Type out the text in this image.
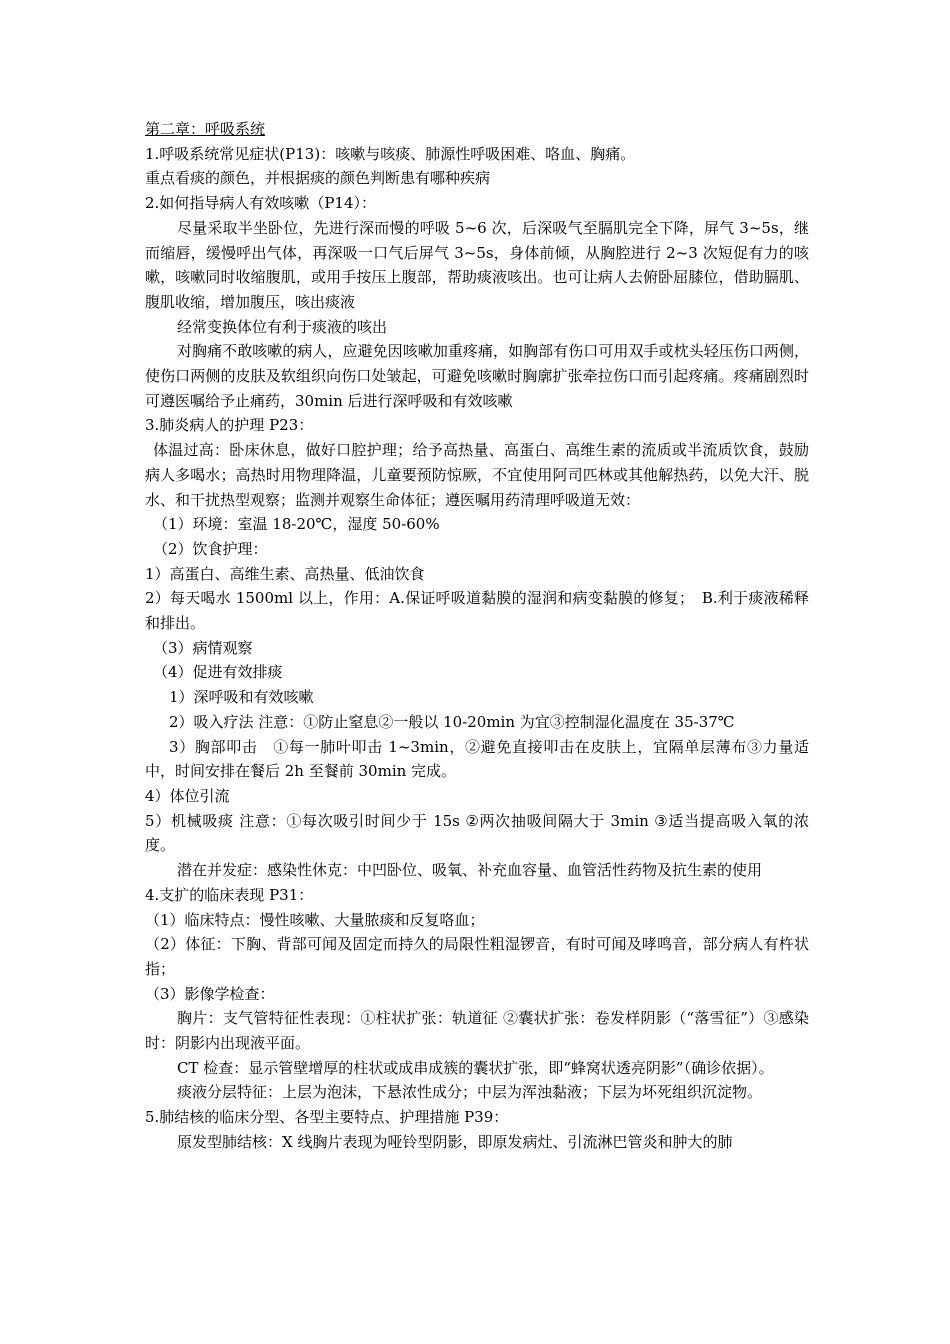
第二章：呼吸系统

1.呼吸系统常见症状(P13)：咳嗽与咳痰、肺源性呼吸困难、咯血、胸痛。

重点看痰的颜色，并根据痰的颜色判断患有哪种疾病

2.如何指导病人有效咳嗽（P14）：

尽量采取半坐卧位，先进行深而慢的呼吸 5~6 次，后深吸气至膈肌完全下降，屏气 3~5s，继而缩唇，缓慢呼出气体，再深吸一口气后屏气 3~5s，身体前倾，从胸腔进行 2~3 次短促有力的咳嗽，咳嗽同时收缩腹肌，或用手按压上腹部，帮助痰液咳出。也可让病人去俯卧屈膝位，借助膈肌、腹肌收缩，增加腹压，咳出痰液

经常变换体位有利于痰液的咳出

对胸痛不敢咳嗽的病人，应避免因咳嗽加重疼痛，如胸部有伤口可用双手或枕头轻压伤口两侧，使伤口两侧的皮肤及软组织向伤口处皱起，可避免咳嗽时胸廓扩张牵拉伤口而引起疼痛。疼痛剧烈时可遵医嘱给予止痛药，30min 后进行深呼吸和有效咳嗽

3.肺炎病人的护理 P23：

体温过高：卧床休息，做好口腔护理；给予高热量、高蛋白、高维生素的流质或半流质饮食，鼓励病人多喝水；高热时用物理降温，儿童要预防惊厥，不宜使用阿司匹林或其他解热药，以免大汗、脱水、和干扰热型观察；监测并观察生命体征；遵医嘱用药清理呼吸道无效：

（1）环境：室温 18-20℃，湿度 50-60%

（2）饮食护理：

1）高蛋白、高维生素、高热量、低油饮食

2）每天喝水 1500ml 以上，作用：A.保证呼吸道黏膜的湿润和病变黏膜的修复；　B.利于痰液稀释和排出。

（3）病情观察

（4）促进有效排痰

1）深呼吸和有效咳嗽

2）吸入疗法 注意：①防止窒息②一般以 10-20min 为宜③控制湿化温度在 35-37℃

3）胸部叩击　①每一肺叶叩击 1~3min，②避免直接叩击在皮肤上，宜隔单层薄布③力量适中，时间安排在餐后 2h 至餐前 30min 完成。

4）体位引流

5）机械吸痰 注意：①每次吸引时间少于 15s ②两次抽吸间隔大于 3min ③适当提高吸入氧的浓度。

潜在并发症：感染性休克：中凹卧位、吸氧、补充血容量、血管活性药物及抗生素的使用

4.支扩的临床表现 P31：

（1）临床特点：慢性咳嗽、大量脓痰和反复咯血；

（2）体征：下胸、背部可闻及固定而持久的局限性粗湿锣音，有时可闻及哮鸣音，部分病人有杵状指；

（3）影像学检查：

胸片：支气管特征性表现：①柱状扩张：轨道征 ②囊状扩张：卷发样阴影（“落雪征”）③感染时：阴影内出现液平面。

CT 检查：显示管壁增厚的柱状或成串成簇的囊状扩张，即“蜂窝状透亮阴影”（确诊依据）。

痰液分层特征：上层为泡沫，下悬浓性成分；中层为浑浊黏液；下层为坏死组织沉淀物。

5.肺结核的临床分型、各型主要特点、护理措施 P39：

原发型肺结核：X 线胸片表现为哑铃型阴影，即原发病灶、引流淋巴管炎和肿大的肺
